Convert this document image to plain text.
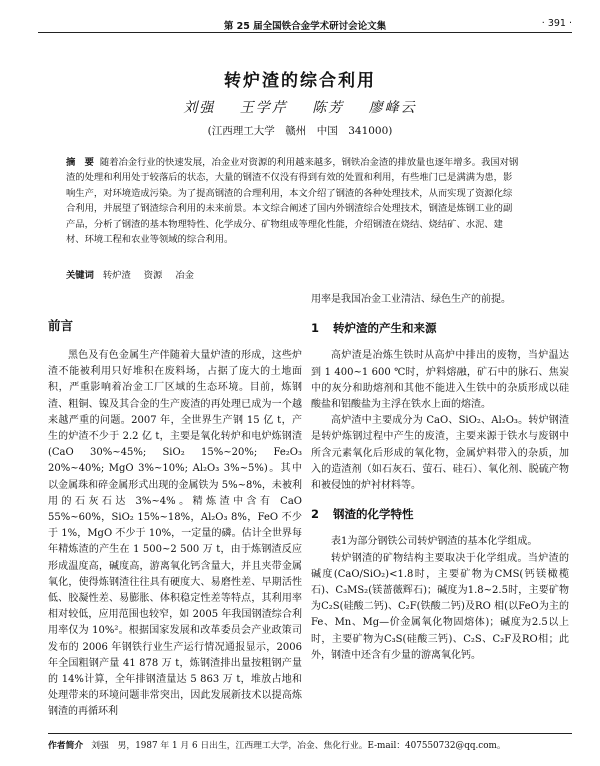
第 25 届全国铁合金学术研讨会论文集	· 391 ·
转炉渣的综合利用
刘强 王学芹 陈芳 廖峰云
(江西理工大学　赣州　中国　341000)
摘　要 随着冶金行业的快速发展，冶金业对资源的利用越来越多，钢铁冶金渣的排放量也逐年增多。我国对钢渣的处理和利用处于较落后的状态，大量的钢渣不仅没有得到有效的处置和利用，有些堆门已是满满为患，影响生产，对环境造成污染。为了提高钢渣的合理利用，本文介绍了钢渣的各种处理技术，从而实现了资源化综合利用，并展望了钢渣综合利用的未来前景。本文综合阐述了国内外钢渣综合处理技术，钢渣是炼钢工业的副产品，分析了钢渣的基本物理特性、化学成分、矿物组成等理化性能，介绍钢渣在烧结、烧结矿、水泥、建材、环境工程和农业等领域的综合利用。
关键词 转炉渣 资源 冶金
前言

黑色及有色金属生产伴随着大量炉渣的形成，这些炉渣不能被利用只好堆积在废料场，占据了庞大的土地面积，严重影响着冶金工厂区域的生态环境。目前，炼钢渣、粗铜、镍及其合金的生产废渣的再处理已成为一个越来越严重的问题。2007 年，全世界生产钢 15 亿 t，产生的炉渣不少于 2.2 亿 t，主要是氧化转炉和电炉炼钢渣(CaO 30%~45%; SiO₂ 15%~20%; Fe₂O₃ 20%~40%; MgO 3%~10%; Al₂O₃ 3%~5%)。其中以金属珠和碎金属形式出现的金属铁为 5%~8%，未被利用的石灰石达 3%~4%。精炼渣中含有 CaO 55%~60%，SiO₂ 15%~18%，Al₂O₃ 8%，FeO 不少于 1%，MgO 不少于 10%，一定量的磷。估计全世界每年精炼渣的产生在 1 500~2 500 万 t，由于炼钢渣反应形成温度高，碱度高，游离氧化钙含量大，并且夹带金属氧化，使得炼钢渣往往具有硬度大、易磨性差、早期活性低、胶凝性差、易膨胀、体积稳定性差等特点，其利用率相对较低，应用范围也较窄，如 2005 年我国钢渣综合利用率仅为 10%²。根据国家发展和改革委员会产业政策司发布的 2006 年钢铁行业生产运行情况通报显示，2006 年全国粗钢产量 41 878 万 t，炼钢渣排出量按粗钢产量的 14%计算，全年排钢渣量达 5 863 万 t，堆放占地和处理带来的环境问题非常突出，因此发展新技术以提高炼钢渣的再循环利

用率是我国冶金工业清洁、绿色生产的前提。

1 转炉渣的产生和来源

高炉渣是冶炼生铁时从高炉中排出的废物，当炉温达到 1 400~1 600 ℃时，炉料熔融，矿石中的脉石、焦炭中的灰分和助熔剂和其他不能进入生铁中的杂质形成以硅酸盐和铝酸盐为主浮在铁水上面的熔渣。

高炉渣中主要成分为 CaO、SiO₂、Al₂O₃。转炉钢渣是转炉炼钢过程中产生的废渣，主要来源于铁水与废钢中所含元素氧化后形成的氧化物，金属炉料带入的杂质，加入的造渣剂（如石灰石、萤石、硅石）、氧化剂、脱硫产物和被侵蚀的炉衬材料等。

2 钢渣的化学特性

表1为部分钢铁公司转炉钢渣的基本化学组成。

转炉钢渣的矿物结构主要取决于化学组成。当炉渣的碱度(CaO/SiO₂)<1.8时，主要矿物为CMS(钙镁橄榄石)、C₃MS₂(镁蔷薇辉石)；碱度为1.8~2.5时，主要矿物为C₂S(硅酸二钙)、C₂F(铁酸二钙)及RO 相(以FeO为主的Fe、Mn、Mg—价金属氧化物固熔体)；碱度为2.5以上时，主要矿物为C₃S(硅酸三钙)、C₂S、C₂F及RO相；此外，钢渣中还含有少量的游离氧化钙。

作者简介 刘强　男，1987 年 1 月 6 日出生，江西理工大学，冶金、焦化行业。E-mail：407550732@qq.com。
